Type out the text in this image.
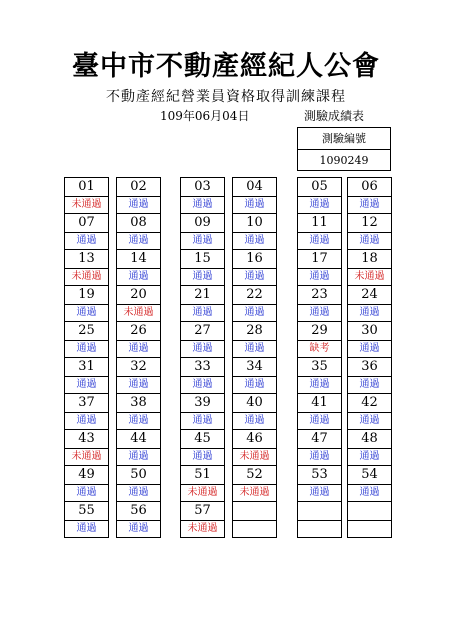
臺中市不動產經紀人公會
不動產經紀營業員資格取得訓練課程
109年06月04日	測驗成績表
測驗編號
1090249
01
未通過
07
通過
13
未通過
19
通過
25
通過
31
通過
37
通過
43
未通過
49
通過
55
通過
02
通過
08
通過
14
通過
20
未通過
26
通過
32
通過
38
通過
44
通過
50
通過
56
通過
03
通過
09
通過
15
通過
21
通過
27
通過
33
通過
39
通過
45
通過
51
未通過
57
未通過
04
通過
10
通過
16
通過
22
通過
28
通過
34
通過
40
通過
46
未通過
52
未通過
05
通過
11
通過
17
通過
23
通過
29
缺考
35
通過
41
通過
47
通過
53
通過
06
通過
12
通過
18
未通過
24
通過
30
通過
36
通過
42
通過
48
通過
54
通過
